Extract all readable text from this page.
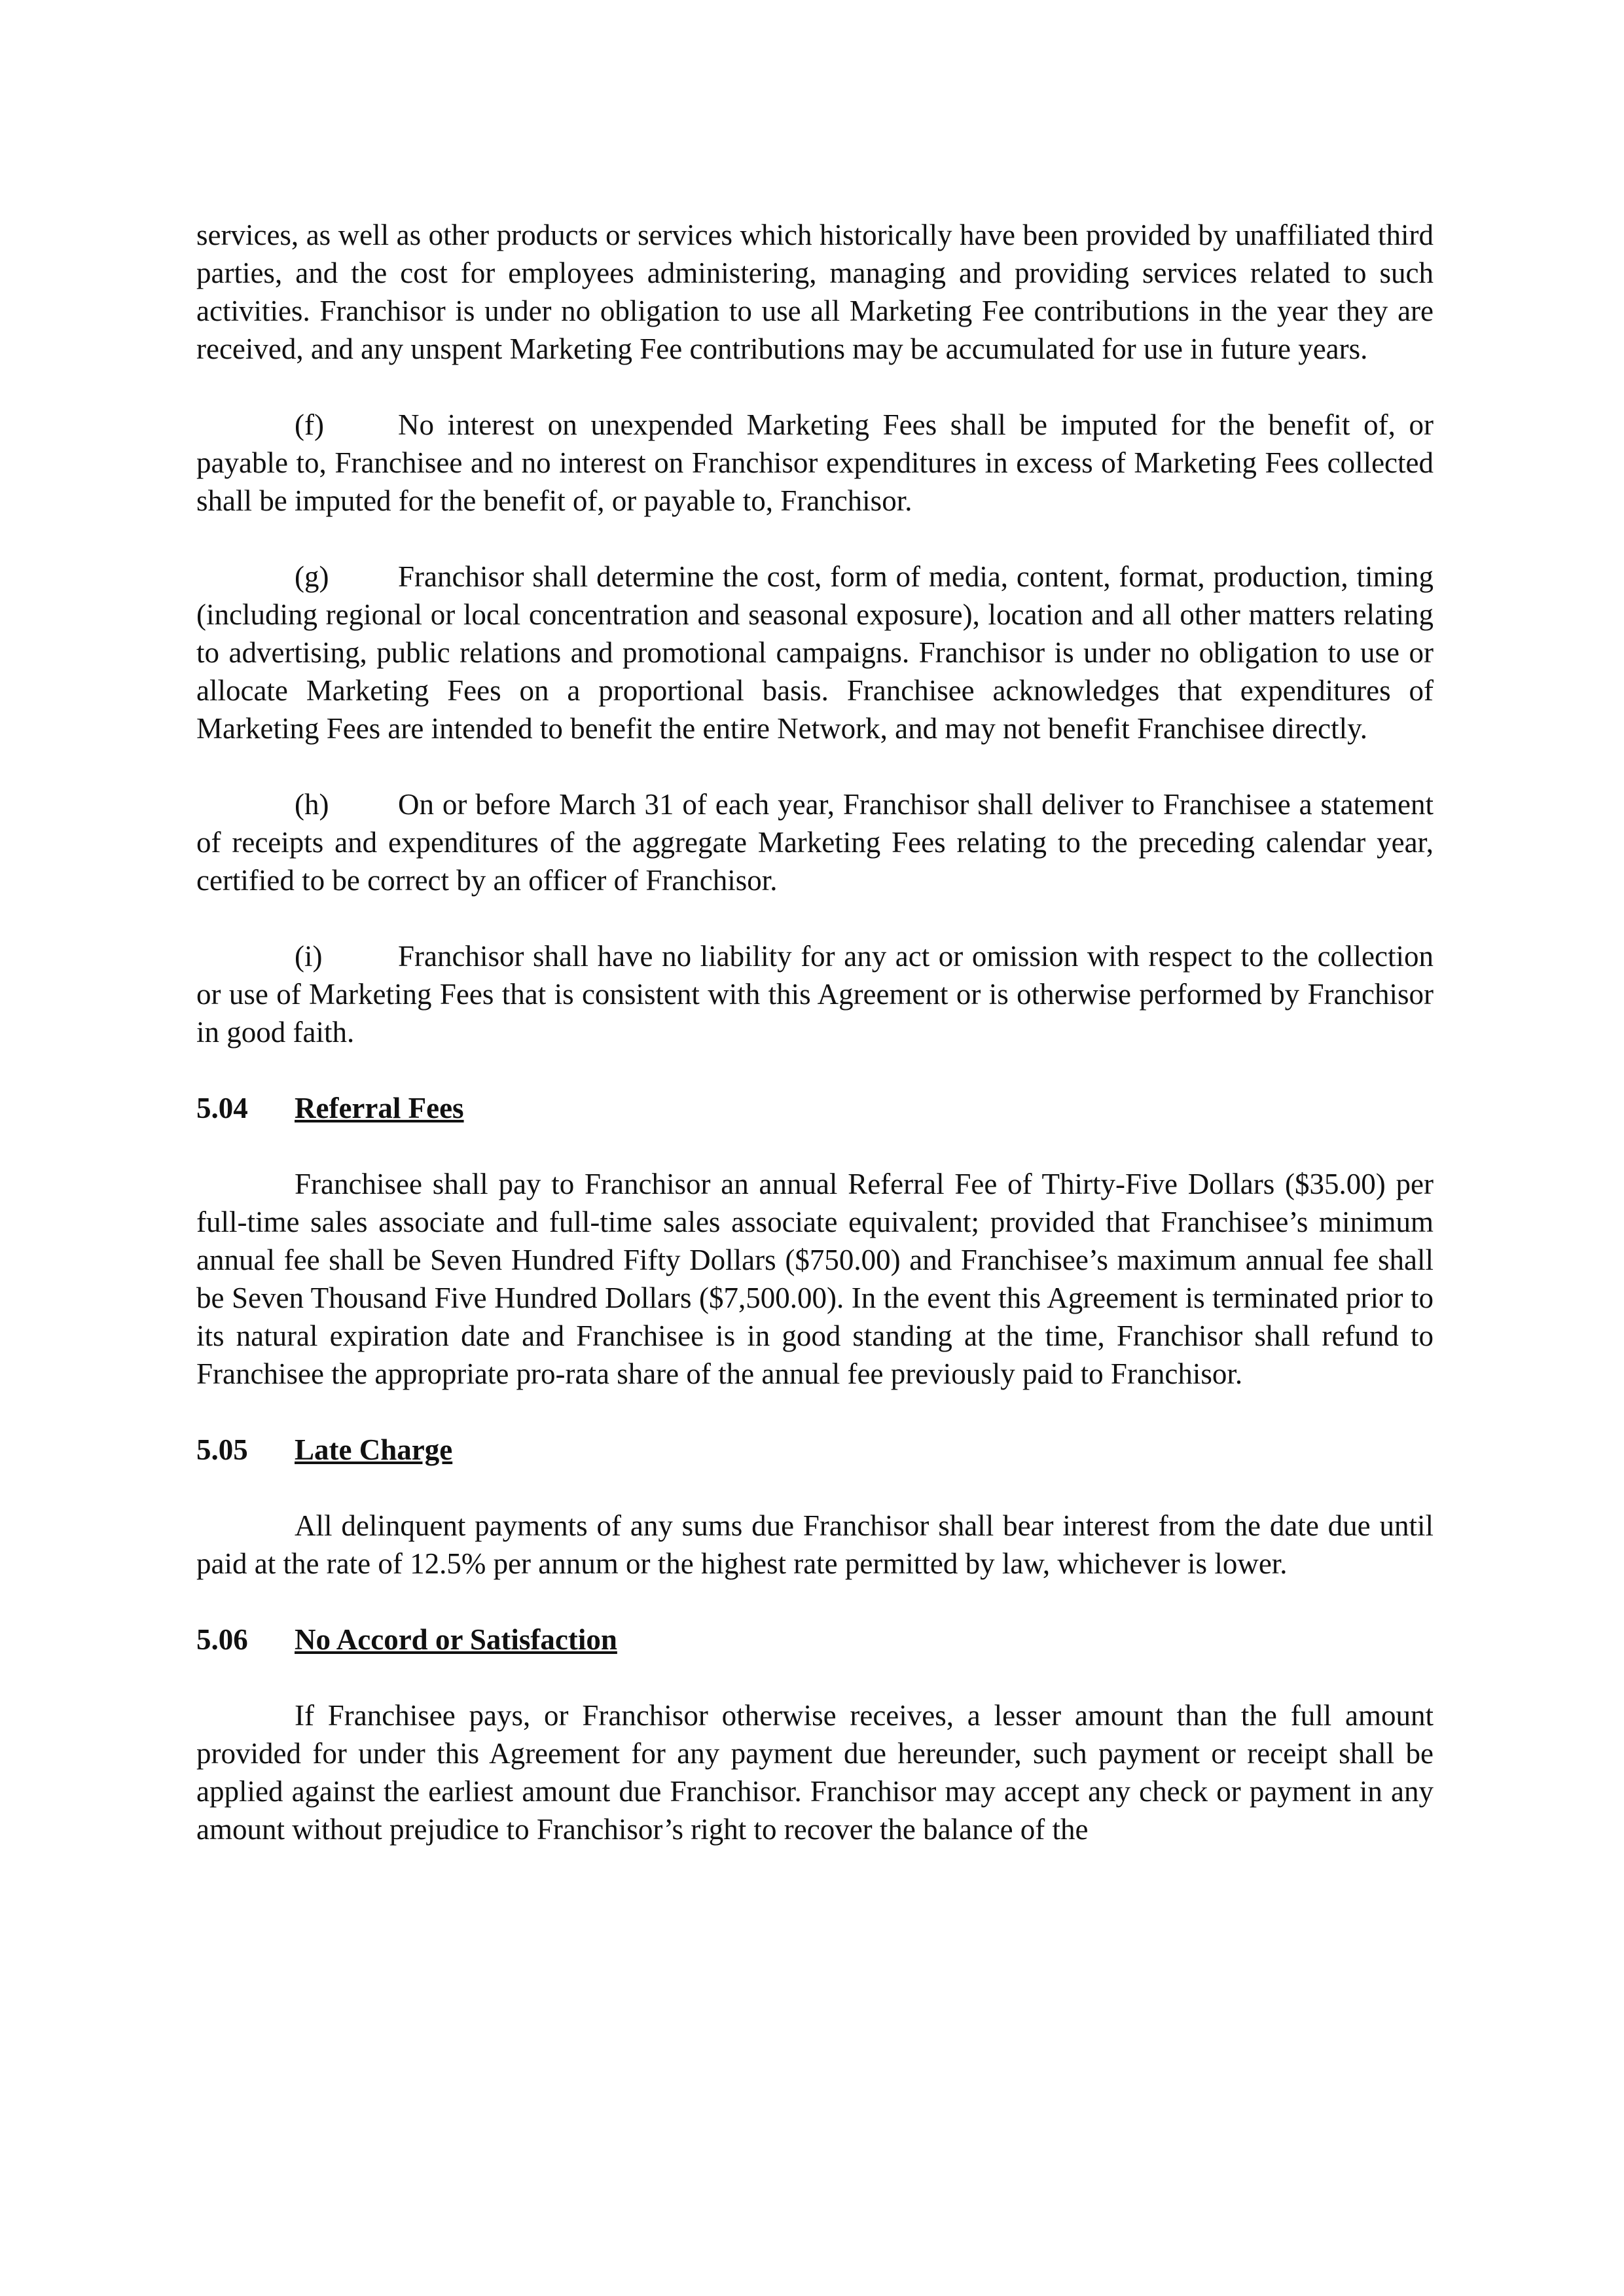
services, as well as other products or services which historically have been provided by unaffiliated third parties, and the cost for employees administering, managing and providing services related to such activities. Franchisor is under no obligation to use all Marketing Fee contributions in the year they are received, and any unspent Marketing Fee contributions may be accumulated for use in future years.

(f)	No interest on unexpended Marketing Fees shall be imputed for the benefit of, or payable to, Franchisee and no interest on Franchisor expenditures in excess of Marketing Fees collected shall be imputed for the benefit of, or payable to, Franchisor.

(g) Franchisor shall determine the cost, form of media, content, format, production, timing (including regional or local concentration and seasonal exposure), location and all other matters relating to advertising, public relations and promotional campaigns. Franchisor is under no obligation to use or allocate Marketing Fees on a proportional basis. Franchisee acknowledges that expenditures of Marketing Fees are intended to benefit the entire Network, and may not benefit Franchisee directly.

(h) On or before March 31 of each year, Franchisor shall deliver to Franchisee a statement of receipts and expenditures of the aggregate Marketing Fees relating to the preceding calendar year, certified to be correct by an officer of Franchisor.

(i)	Franchisor shall have no liability for any act or omission with respect to the collection or use of Marketing Fees that is consistent with this Agreement or is otherwise performed by Franchisor in good faith.

5.04 Referral Fees

Franchisee shall pay to Franchisor an annual Referral Fee of Thirty-Five Dollars ($35.00) per full-time sales associate and full-time sales associate equivalent; provided that Franchisee’s minimum annual fee shall be Seven Hundred Fifty Dollars ($750.00) and Franchisee’s maximum annual fee shall be Seven Thousand Five Hundred Dollars ($7,500.00). In the event this Agreement is terminated prior to its natural expiration date and Franchisee is in good standing at the time, Franchisor shall refund to Franchisee the appropriate pro-rata share of the annual fee previously paid to Franchisor.

5.05 Late Charge

All delinquent payments of any sums due Franchisor shall bear interest from the date due until paid at the rate of 12.5% per annum or the highest rate permitted by law, whichever is lower.

5.06 No Accord or Satisfaction

If Franchisee pays, or Franchisor otherwise receives, a lesser amount than the full amount provided for under this Agreement for any payment due hereunder, such payment or receipt shall be applied against the earliest amount due Franchisor. Franchisor may accept any check or payment in any amount without prejudice to Franchisor’s right to recover the balance of the
